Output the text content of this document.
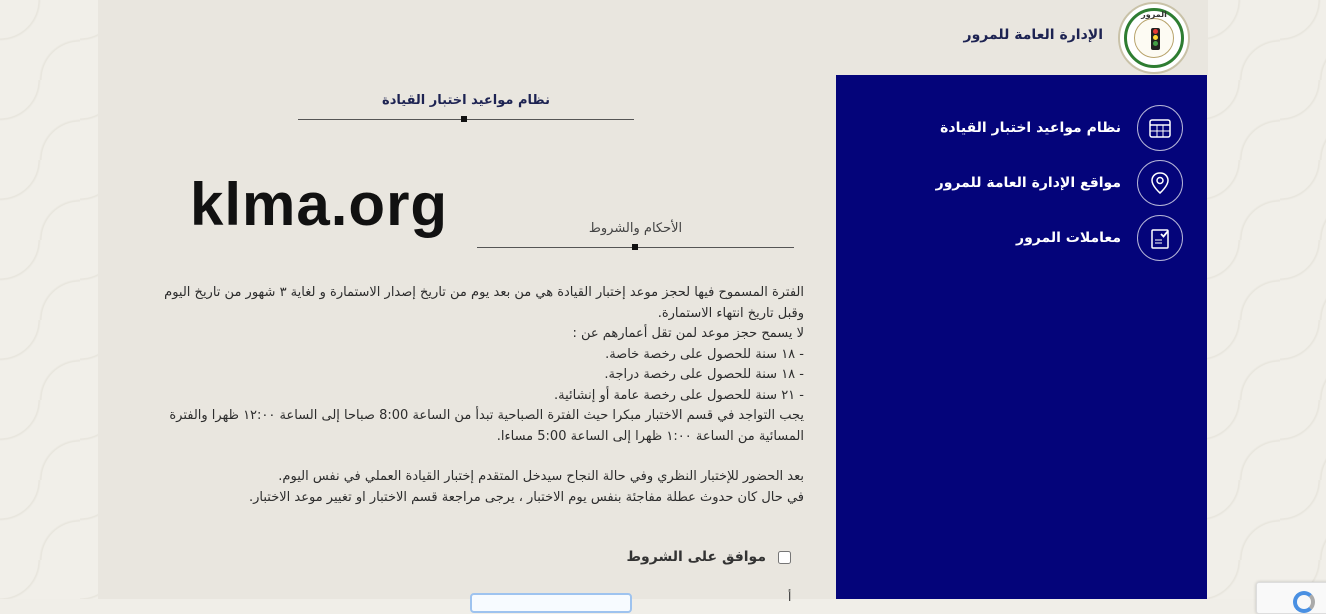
الإدارة العامة للمرور
المرور
نظام مواعيد اختبار القيادة
مواقع الإدارة العامة للمرور
معاملات المرور
نظام مواعيد اختبار القيادة
klma.org	الأحكام والشروط

الفترة المسموح فيها لحجز موعد إختبار القيادة هي من بعد يوم من تاريخ إصدار الاستمارة و لغاية ٣ شهور من تاريخ اليوم وقبل تاريخ انتهاء الاستمارة.

لا يسمح حجز موعد لمن تقل أعمارهم عن :

- ١٨ سنة للحصول على رخصة خاصة.

- ١٨ سنة للحصول على رخصة دراجة.

- ٢١ سنة للحصول على رخصة عامة أو إنشائية.

يجب التواجد في قسم الاختبار مبكرا حيث الفترة الصباحية تبدأ من الساعة 8:00 صباحا إلى الساعة ١٢:٠٠ ظهرا والفترة المسائية من الساعة ١:٠٠ ظهرا إلى الساعة 5:00 مساءا.

بعد الحضور للإختبار النظري وفي حالة النجاح سيدخل المتقدم إختبار القيادة العملي في نفس اليوم.

في حال كان حدوث عطلة مفاجئة بنفس يوم الاختبار ، يرجى مراجعة قسم الاختبار او تغيير موعد الاختبار.

موافق على الشروط
أ
